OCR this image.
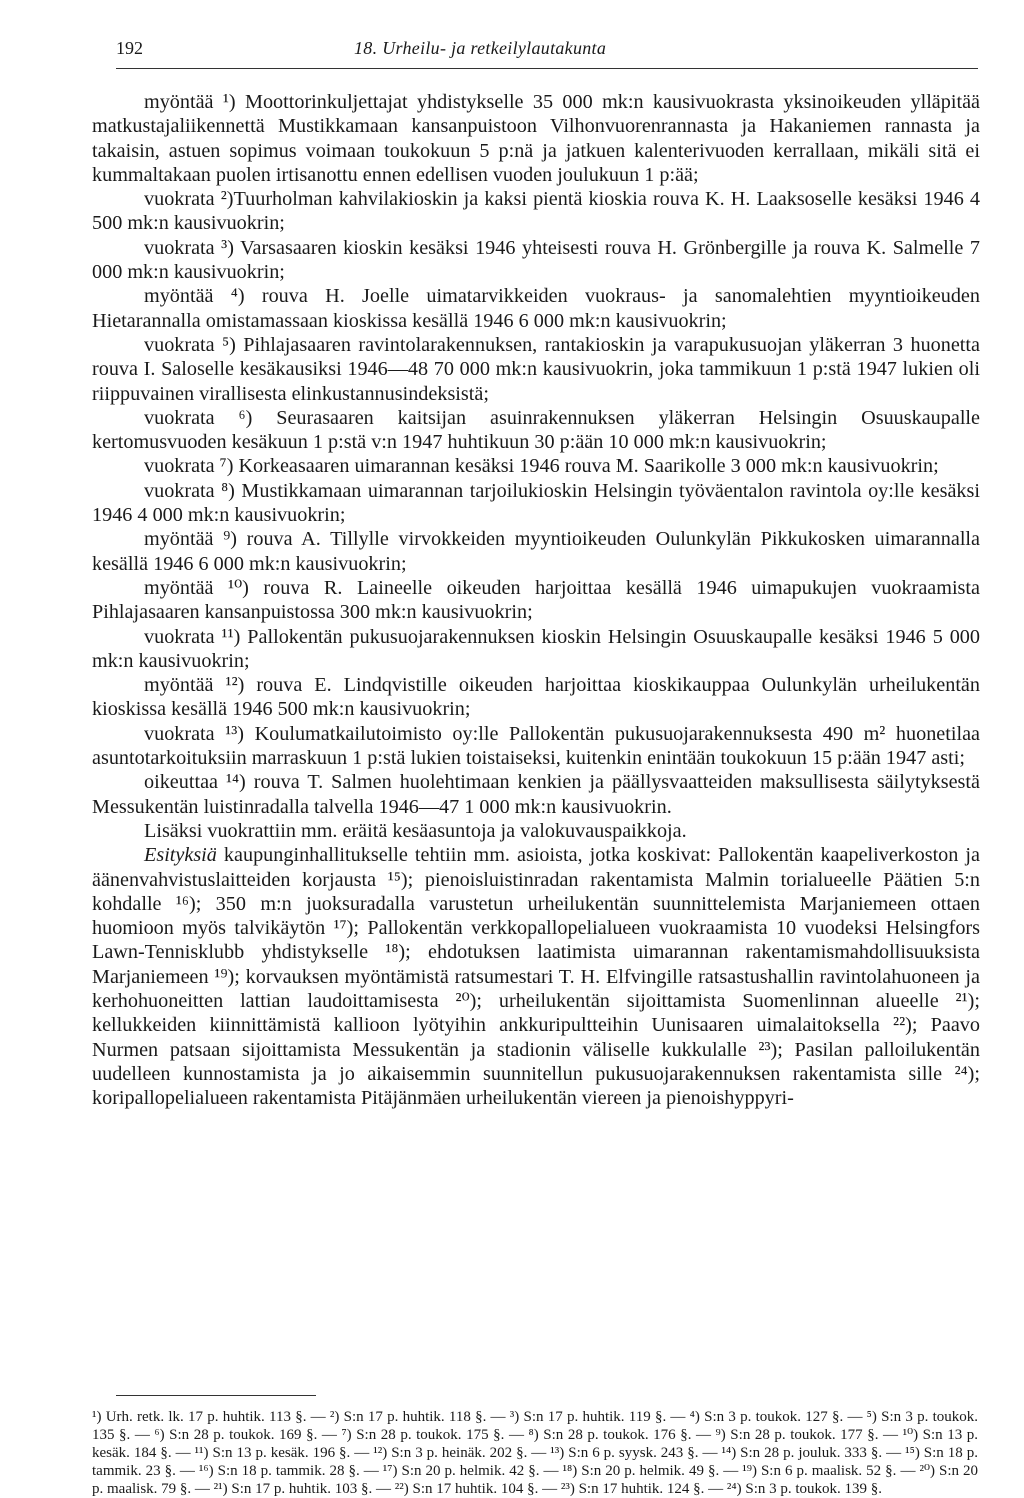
192	18. Urheilu- ja retkeilylautakunta

myöntää ¹) Moottorinkuljettajat yhdistykselle 35 000 mk:n kausivuokrasta yksinoikeuden ylläpitää matkustajaliikennettä Mustikkamaan kansanpuistoon Vilhonvuorenrannasta ja Hakaniemen rannasta ja takaisin, astuen sopimus voimaan toukokuun 5 p:nä ja jatkuen kalenterivuoden kerrallaan, mikäli sitä ei kummaltakaan puolen irtisanottu ennen edellisen vuoden joulukuun 1 p:ää;

vuokrata ²)Tuurholman kahvilakioskin ja kaksi pientä kioskia rouva K. H. Laaksoselle kesäksi 1946 4 500 mk:n kausivuokrin;

vuokrata ³) Varsasaaren kioskin kesäksi 1946 yhteisesti rouva H. Grönbergille ja rouva K. Salmelle 7 000 mk:n kausivuokrin;

myöntää ⁴) rouva H. Joelle uimatarvikkeiden vuokraus- ja sanomalehtien myyntioikeuden Hietarannalla omistamassaan kioskissa kesällä 1946 6 000 mk:n kausivuokrin;

vuokrata ⁵) Pihlajasaaren ravintolarakennuksen, rantakioskin ja varapukusuojan yläkerran 3 huonetta rouva I. Saloselle kesäkausiksi 1946—48 70 000 mk:n kausivuokrin, joka tammikuun 1 p:stä 1947 lukien oli riippuvainen virallisesta elinkustannusindeksistä;

vuokrata ⁶) Seurasaaren kaitsijan asuinrakennuksen yläkerran Helsingin Osuuskaupalle kertomusvuoden kesäkuun 1 p:stä v:n 1947 huhtikuun 30 p:ään 10 000 mk:n kausivuokrin;

vuokrata ⁷) Korkeasaaren uimarannan kesäksi 1946 rouva M. Saarikolle 3 000 mk:n kausivuokrin;

vuokrata ⁸) Mustikkamaan uimarannan tarjoilukioskin Helsingin työväentalon ravintola oy:lle kesäksi 1946 4 000 mk:n kausivuokrin;

myöntää ⁹) rouva A. Tillylle virvokkeiden myyntioikeuden Oulunkylän Pikkukosken uimarannalla kesällä 1946 6 000 mk:n kausivuokrin;

myöntää ¹⁰) rouva R. Laineelle oikeuden harjoittaa kesällä 1946 uimapukujen vuokraamista Pihlajasaaren kansanpuistossa 300 mk:n kausivuokrin;

vuokrata ¹¹) Pallokentän pukusuojarakennuksen kioskin Helsingin Osuuskaupalle kesäksi 1946 5 000 mk:n kausivuokrin;

myöntää ¹²) rouva E. Lindqvistille oikeuden harjoittaa kioskikauppaa Oulunkylän urheilukentän kioskissa kesällä 1946 500 mk:n kausivuokrin;

vuokrata ¹³) Koulumatkailutoimisto oy:lle Pallokentän pukusuojarakennuksesta 490 m² huonetilaa asuntotarkoituksiin marraskuun 1 p:stä lukien toistaiseksi, kuitenkin enintään toukokuun 15 p:ään 1947 asti;

oikeuttaa ¹⁴) rouva T. Salmen huolehtimaan kenkien ja päällysvaatteiden maksullisesta säilytyksestä Messukentän luistinradalla talvella 1946—47 1 000 mk:n kausivuokrin.

Lisäksi vuokrattiin mm. eräitä kesäasuntoja ja valokuvauspaikkoja.

Esityksiä kaupunginhallitukselle tehtiin mm. asioista, jotka koskivat: Pallokentän kaapeliverkoston ja äänenvahvistuslaitteiden korjausta ¹⁵); pienoisluistinradan rakentamista Malmin torialueelle Päätien 5:n kohdalle ¹⁶); 350 m:n juoksuradalla varustetun urheilukentän suunnittelemista Marjaniemeen ottaen huomioon myös talvikäytön ¹⁷); Pallokentän verkkopallopelialueen vuokraamista 10 vuodeksi Helsingfors Lawn-Tennisklubb yhdistykselle ¹⁸); ehdotuksen laatimista uimarannan rakentamismahdollisuuksista Marjaniemeen ¹⁹); korvauksen myöntämistä ratsumestari T. H. Elfvingille ratsastushallin ravintolahuoneen ja kerhohuoneitten lattian laudoittamisesta ²⁰); urheilukentän sijoittamista Suomenlinnan alueelle ²¹); kellukkeiden kiinnittämistä kallioon lyötyihin ankkuripultteihin Uunisaaren uimalaitoksella ²²); Paavo Nurmen patsaan sijoittamista Messukentän ja stadionin väliselle kukkulalle ²³); Pasilan palloilukentän uudelleen kunnostamista ja jo aikaisemmin suunnitellun pukusuojarakennuksen rakentamista sille ²⁴); koripallopelialueen rakentamista Pitäjänmäen urheilukentän viereen ja pienoishyppyri-

¹) Urh. retk. lk. 17 p. huhtik. 113 §. — ²) S:n 17 p. huhtik. 118 §. — ³) S:n 17 p. huhtik. 119 §. — ⁴) S:n 3 p. toukok. 127 §. — ⁵) S:n 3 p. toukok. 135 §. — ⁶) S:n 28 p. toukok. 169 §. — ⁷) S:n 28 p. toukok. 175 §. — ⁸) S:n 28 p. toukok. 176 §. — ⁹) S:n 28 p. toukok. 177 §. — ¹⁰) S:n 13 p. kesäk. 184 §. — ¹¹) S:n 13 p. kesäk. 196 §. — ¹²) S:n 3 p. heinäk. 202 §. — ¹³) S:n 6 p. syysk. 243 §. — ¹⁴) S:n 28 p. jouluk. 333 §. — ¹⁵) S:n 18 p. tammik. 23 §. — ¹⁶) S:n 18 p. tammik. 28 §. — ¹⁷) S:n 20 p. helmik. 42 §. — ¹⁸) S:n 20 p. helmik. 49 §. — ¹⁹) S:n 6 p. maalisk. 52 §. — ²⁰) S:n 20 p. maalisk. 79 §. — ²¹) S:n 17 p. huhtik. 103 §. — ²²) S:n 17 huhtik. 104 §. — ²³) S:n 17 huhtik. 124 §. — ²⁴) S:n 3 p. toukok. 139 §.
